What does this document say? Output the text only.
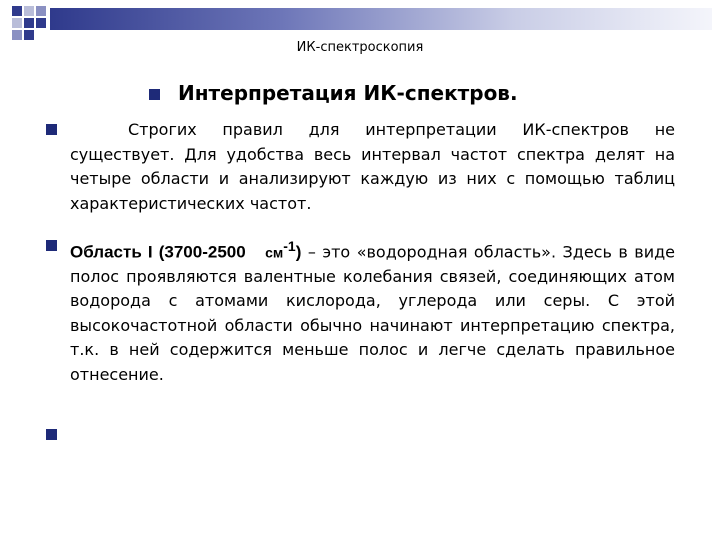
ИК-спектроскопия
Интерпретация ИК-спектров.
Строгих правил для интерпретации ИК-спектров не существует. Для удобства весь интервал частот спектра делят на четыре области и анализируют каждую из них с помощью таблиц характеристических частот.
Область I (3700-2500 $см^{-1}$) – это «водородная область». Здесь в виде полос проявляются валентные колебания связей, соединяющих атом водорода с атомами кислорода, углерода или серы. С этой высокочастотной области обычно начинают интерпретацию спектра, т.к. в ней содержится меньше полос и легче сделать правильное отнесение.
